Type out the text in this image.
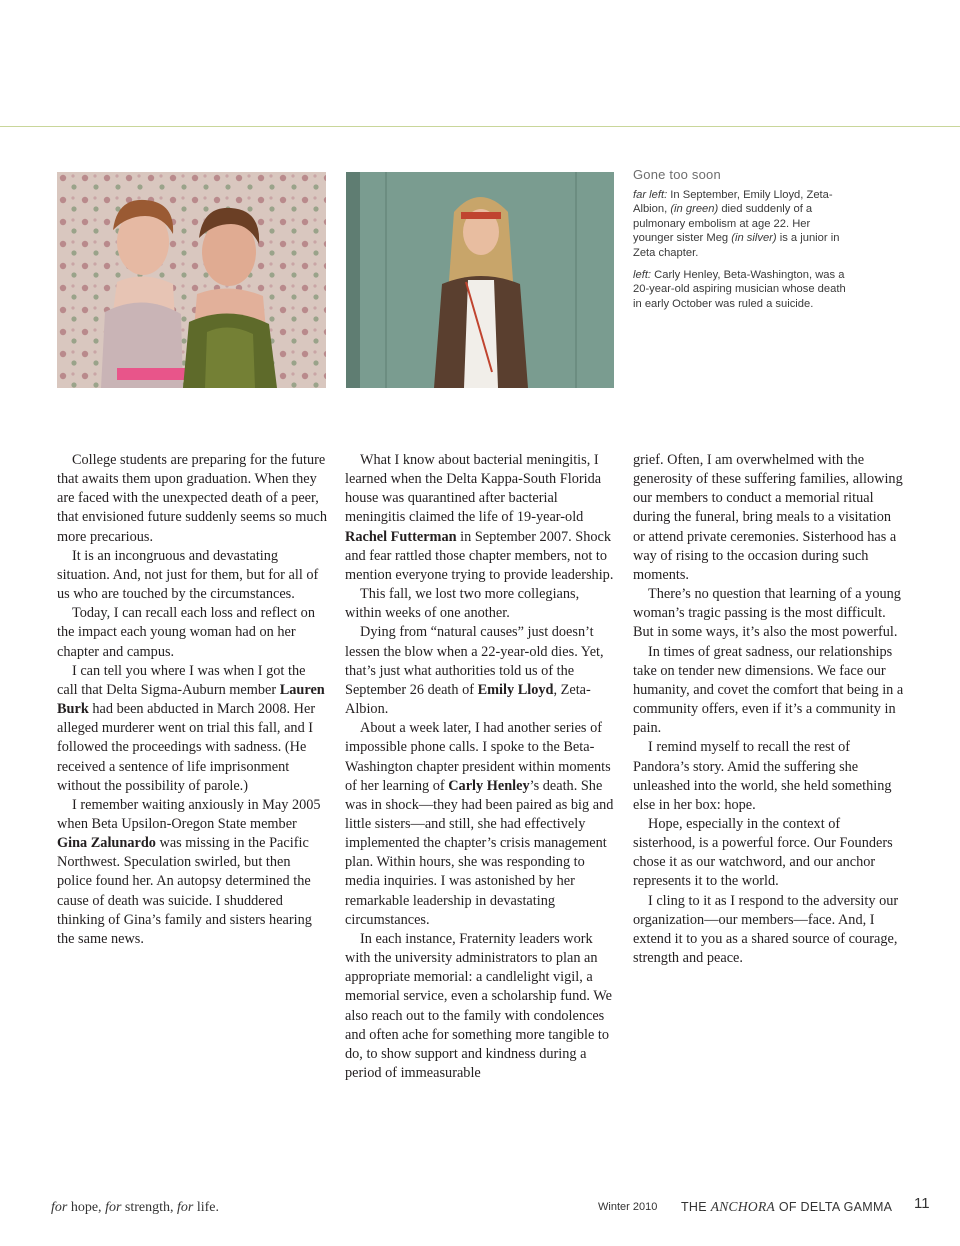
Gone too soon

far left: In September, Emily Lloyd, Zeta-Albion, (in green) died suddenly of a pulmonary embolism at age 22. Her younger sister Meg (in silver) is a junior in Zeta chapter.

left: Carly Henley, Beta-Washington, was a 20-year-old aspiring musician whose death in early October was ruled a suicide.

College students are preparing for the future that awaits them upon graduation. When they are faced with the unexpected death of a peer, that envisioned future suddenly seems so much more precarious.

It is an incongruous and devastating situation. And, not just for them, but for all of us who are touched by the circumstances.

Today, I can recall each loss and reflect on the impact each young woman had on her chapter and campus.

I can tell you where I was when I got the call that Delta Sigma-Auburn member Lauren Burk had been abducted in March 2008. Her alleged murderer went on trial this fall, and I followed the proceedings with sadness. (He received a sentence of life imprisonment without the possibility of parole.)

I remember waiting anxiously in May 2005 when Beta Upsilon-Oregon State member Gina Zalunardo was missing in the Pacific Northwest. Speculation swirled, but then police found her. An autopsy determined the cause of death was suicide. I shuddered thinking of Gina’s family and sisters hearing the same news.

What I know about bacterial meningitis, I learned when the Delta Kappa-South Florida house was quarantined after bacterial meningitis claimed the life of 19-year-old Rachel Futterman in September 2007. Shock and fear rattled those chapter members, not to mention everyone trying to provide leadership.

This fall, we lost two more collegians, within weeks of one another.

Dying from “natural causes” just doesn’t lessen the blow when a 22-year-old dies. Yet, that’s just what authorities told us of the September 26 death of Emily Lloyd, Zeta-Albion.

About a week later, I had another series of impossible phone calls. I spoke to the Beta-Washington chapter president within moments of her learning of Carly Henley’s death. She was in shock—they had been paired as big and little sisters—and still, she had effectively implemented the chapter’s crisis management plan. Within hours, she was responding to media inquiries. I was astonished by her remarkable leadership in devastating circumstances.

In each instance, Fraternity leaders work with the university administrators to plan an appropriate memorial: a candlelight vigil, a memorial service, even a scholarship fund. We also reach out to the family with condolences and often ache for something more tangible to do, to show support and kindness during a period of immeasurable

grief. Often, I am overwhelmed with the generosity of these suffering families, allowing our members to conduct a memorial ritual during the funeral, bring meals to a visitation or attend private ceremonies. Sisterhood has a way of rising to the occasion during such moments.

There’s no question that learning of a young woman’s tragic passing is the most difficult. But in some ways, it’s also the most powerful.

In times of great sadness, our relationships take on tender new dimensions. We face our humanity, and covet the comfort that being in a community offers, even if it’s a community in pain.

I remind myself to recall the rest of Pandora’s story. Amid the suffering she unleashed into the world, she held something else in her box: hope.

Hope, especially in the context of sisterhood, is a powerful force. Our Founders chose it as our watchword, and our anchor represents it to the world.

I cling to it as I respond to the adversity our organization—our members—face. And, I extend it to you as a shared source of courage, strength and peace.

for hope, for strength, for life.	Winter 2010 THE ANCHORA OF DELTA GAMMA 11
